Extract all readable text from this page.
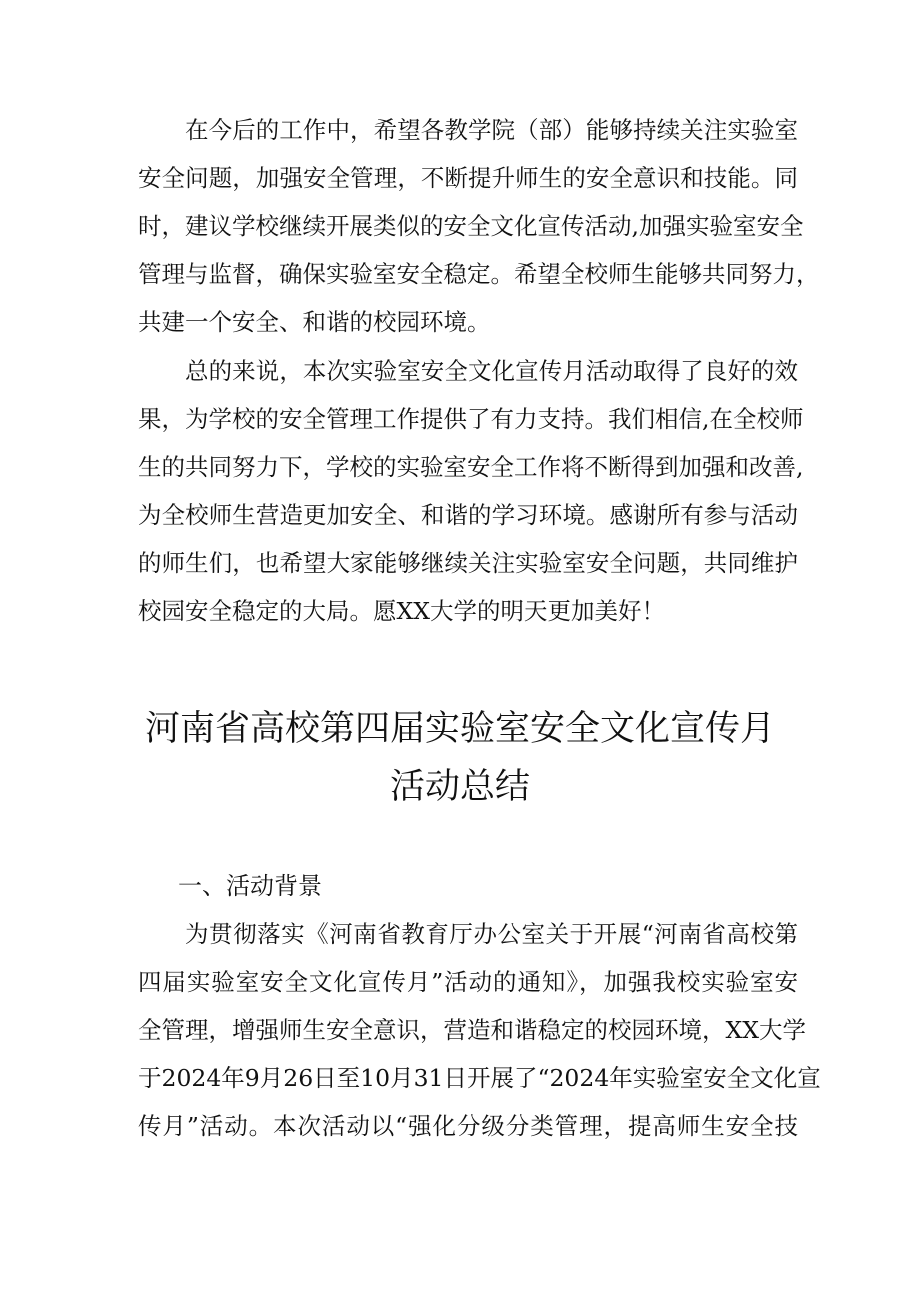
在今后的工作中，希望各教学院（部）能够持续关注实验室
安全问题，加强安全管理，不断提升师生的安全意识和技能。同
时，建议学校继续开展类似的安全文化宣传活动,加强实验室安全
管理与监督，确保实验室安全稳定。希望全校师生能够共同努力，
共建一个安全、和谐的校园环境。
总的来说，本次实验室安全文化宣传月活动取得了良好的效
果，为学校的安全管理工作提供了有力支持。我们相信,在全校师
生的共同努力下，学校的实验室安全工作将不断得到加强和改善,
为全校师生营造更加安全、和谐的学习环境。感谢所有参与活动
的师生们，也希望大家能够继续关注实验室安全问题，共同维护
校园安全稳定的大局。愿XX大学的明天更加美好！
河南省高校第四届实验室安全文化宣传月
活动总结
一、活动背景
为贯彻落实《河南省教育厅办公室关于开展“河南省高校第
四届实验室安全文化宣传月”活动的通知》，加强我校实验室安
全管理，增强师生安全意识，营造和谐稳定的校园环境，XX大学
于2024年9月26日至10月31日开展了“2024年实验室安全文化宣
传月”活动。本次活动以“强化分级分类管理，提高师生安全技
